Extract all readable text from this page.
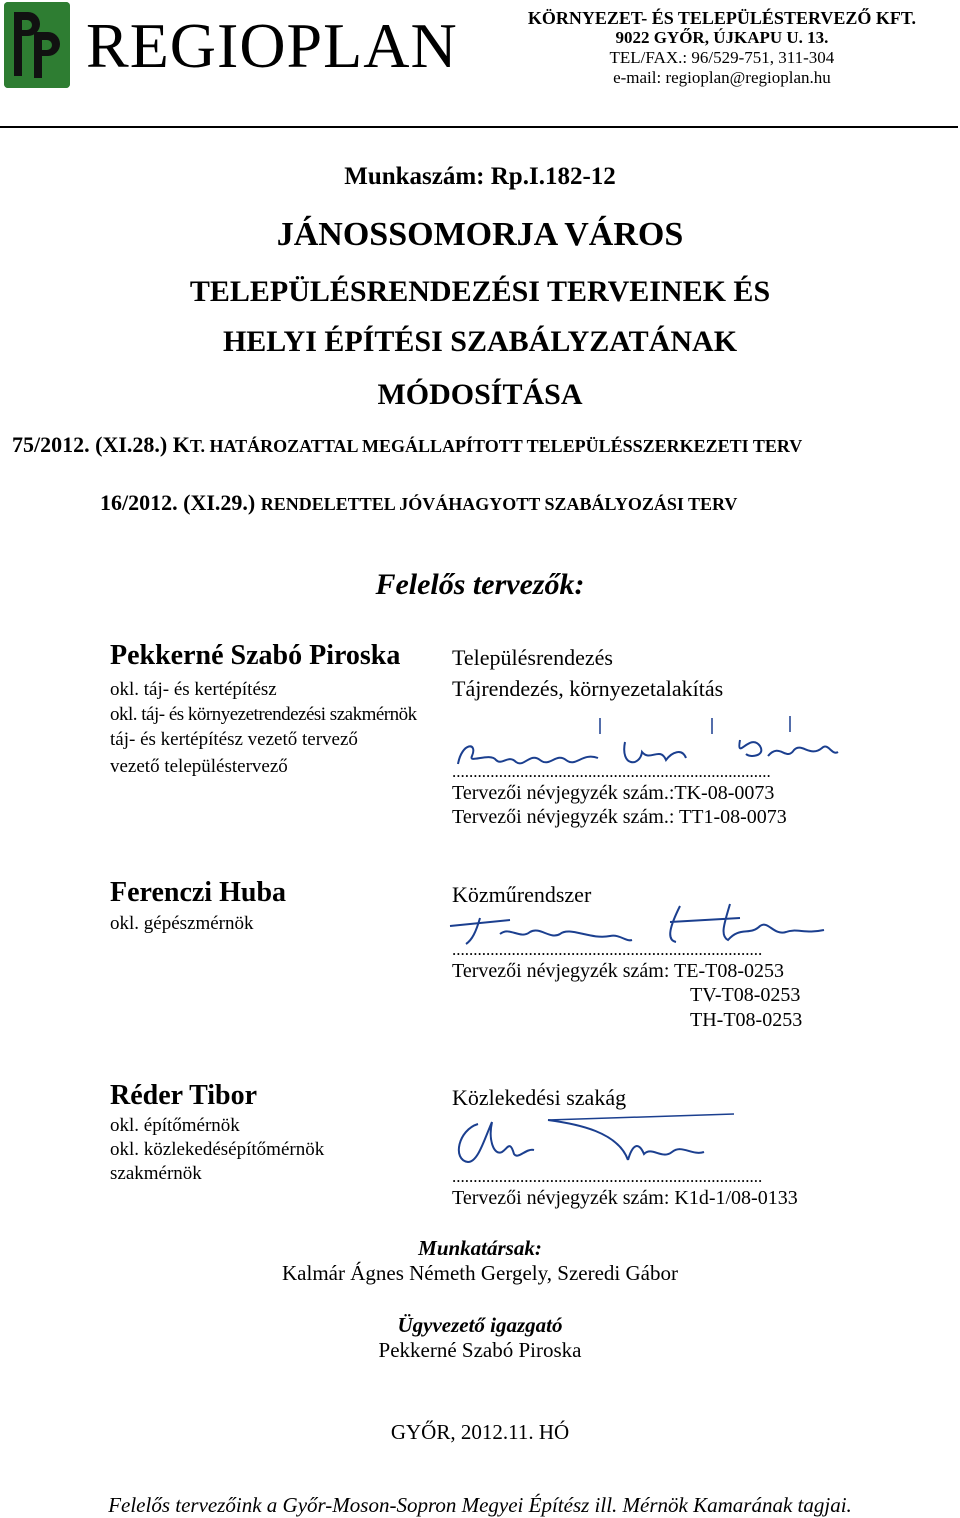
REGIOPLAN	KÖRNYEZET- ÉS TELEPÜLÉSTERVEZŐ KFT.
9022 GYŐR, ÚJKAPU U. 13.
TEL/FAX.: 96/529-751, 311-304
e-mail: regioplan@regioplan.hu
Munkaszám: Rp.I.182-12
JÁNOSSOMORJA VÁROS
TELEPÜLÉSRENDEZÉSI TERVEINEK ÉS
HELYI ÉPÍTÉSI SZABÁLYZATÁNAK
MÓDOSÍTÁSA
75/2012. (XI.28.) KT. HATÁROZATTAL MEGÁLLAPÍTOTT TELEPÜLÉSSZERKEZETI TERV
16/2012. (XI.29.) RENDELETTEL JÓVÁHAGYOTT SZABÁLYOZÁSI TERV
Felelős tervezők:
Pekkerné Szabó Piroska
okl. táj- és kertépítész
okl. táj- és környezetrendezési szakmérnök
táj- és kertépítész vezető tervező
vezető településtervező
Településrendezés
Tájrendezés, környezetalakítás
...........................................................................
Tervezői névjegyzék szám.:TK-08-0073
Tervezői névjegyzék szám.: TT1-08-0073
Ferenczi Huba
okl. gépészmérnök
Közműrendszer
.........................................................................
Tervezői névjegyzék szám: TE-T08-0253
TV-T08-0253
TH-T08-0253
Réder Tibor
okl. építőmérnök
okl. közlekedésépítőmérnök
szakmérnök
Közlekedési szakág
.........................................................................
Tervezői névjegyzék szám: K1d-1/08-0133
Munkatársak:
Kalmár Ágnes Németh Gergely, Szeredi Gábor
Ügyvezető igazgató
Pekkerné Szabó Piroska
GYŐR, 2012.11. HÓ
Felelős tervezőink a Győr-Moson-Sopron Megyei Építész ill. Mérnök Kamarának tagjai.
